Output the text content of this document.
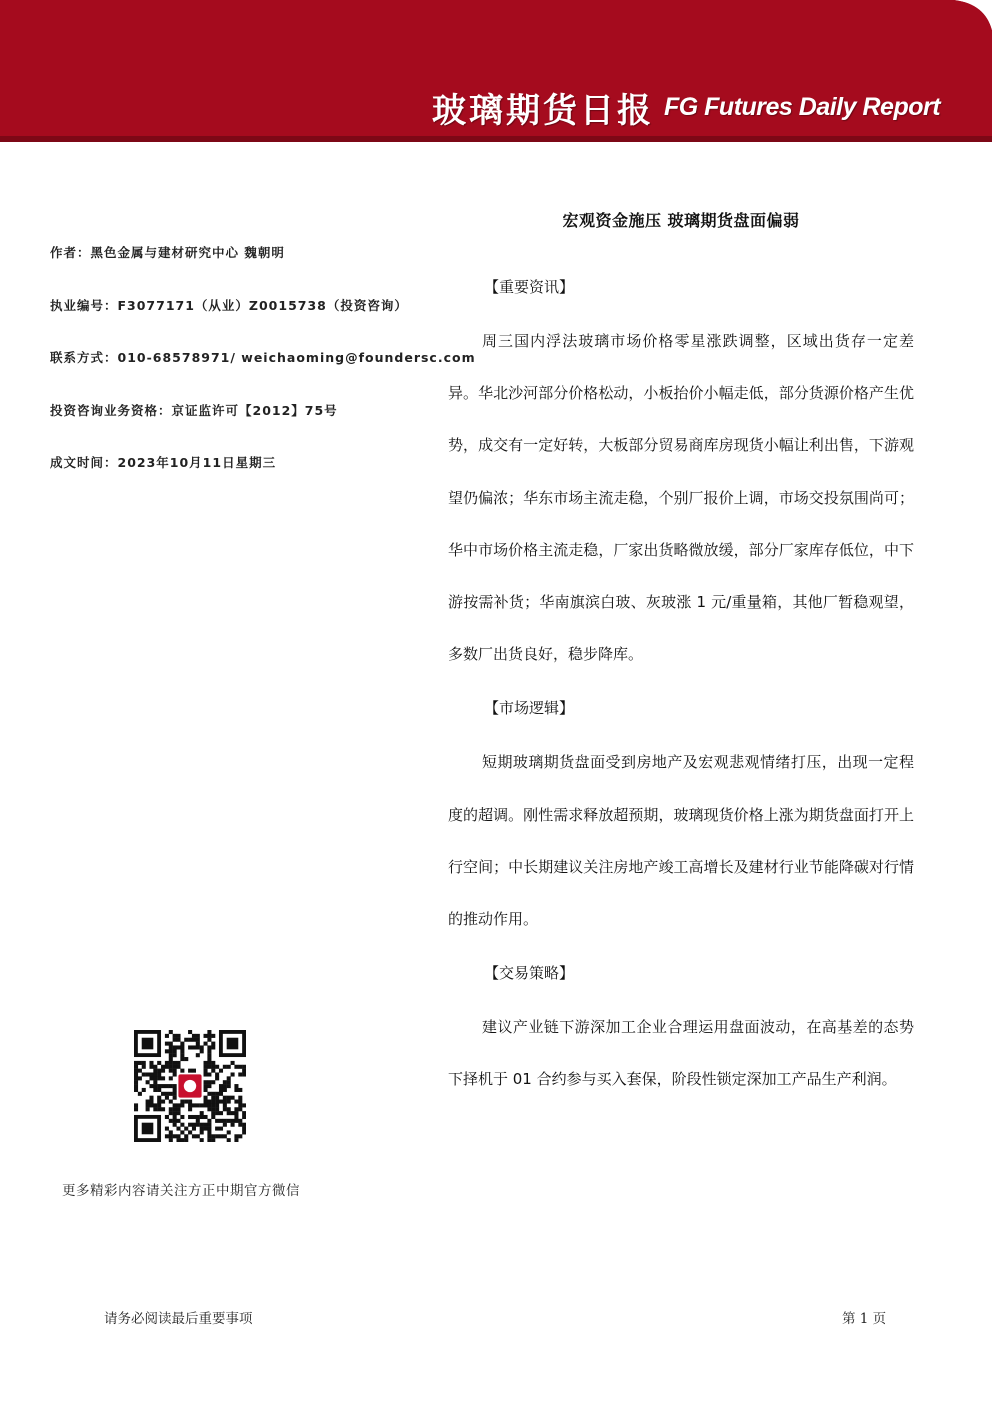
玻璃期货日报 FG Futures Daily Report
作者：黑色金属与建材研究中心 魏朝明
执业编号：F3077171（从业）Z0015738（投资咨询）
联系方式：010-68578971/ weichaoming@foundersc.com
投资咨询业务资格：京证监许可【2012】75号
成文时间：2023年10月11日星期三
宏观资金施压 玻璃期货盘面偏弱

【重要资讯】

周三国内浮法玻璃市场价格零星涨跌调整，区域出货存一定差异。华北沙河部分价格松动，小板抬价小幅走低，部分货源价格产生优势，成交有一定好转，大板部分贸易商库房现货小幅让利出售，下游观望仍偏浓；华东市场主流走稳，个别厂报价上调，市场交投氛围尚可；华中市场价格主流走稳，厂家出货略微放缓，部分厂家库存低位，中下游按需补货；华南旗滨白玻、灰玻涨 1 元/重量箱，其他厂暂稳观望，多数厂出货良好，稳步降库。

【市场逻辑】

短期玻璃期货盘面受到房地产及宏观悲观情绪打压，出现一定程度的超调。刚性需求释放超预期，玻璃现货价格上涨为期货盘面打开上行空间；中长期建议关注房地产竣工高增长及建材行业节能降碳对行情的推动作用。

【交易策略】

建议产业链下游深加工企业合理运用盘面波动，在高基差的态势下择机于 01 合约参与买入套保，阶段性锁定深加工产品生产利润。

更多精彩内容请关注方正中期官方微信
请务必阅读最后重要事项	第 1 页
